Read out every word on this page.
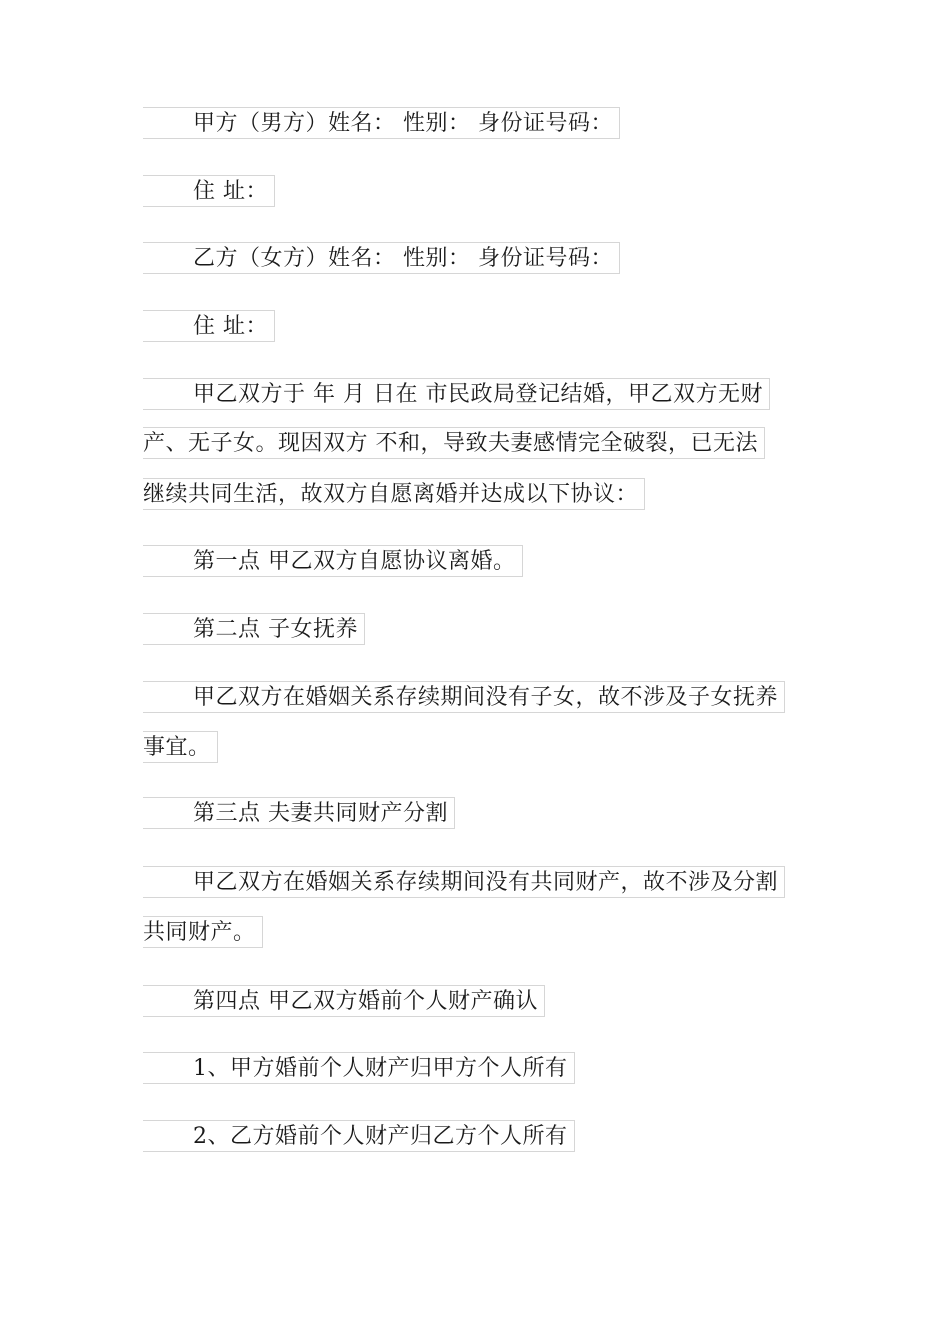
甲方（男方）姓名： 性别： 身份证号码：
住 址：
乙方（女方）姓名： 性别： 身份证号码：
住 址：
甲乙双方于 年 月 日在 市民政局登记结婚，甲乙双方无财
产、无子女。现因双方 不和，导致夫妻感情完全破裂，已无法
继续共同生活，故双方自愿离婚并达成以下协议：
第一点 甲乙双方自愿协议离婚。
第二点 子女抚养
甲乙双方在婚姻关系存续期间没有子女，故不涉及子女抚养
事宜。
第三点 夫妻共同财产分割
甲乙双方在婚姻关系存续期间没有共同财产，故不涉及分割
共同财产。
第四点 甲乙双方婚前个人财产确认
1、甲方婚前个人财产归甲方个人所有
2、乙方婚前个人财产归乙方个人所有
